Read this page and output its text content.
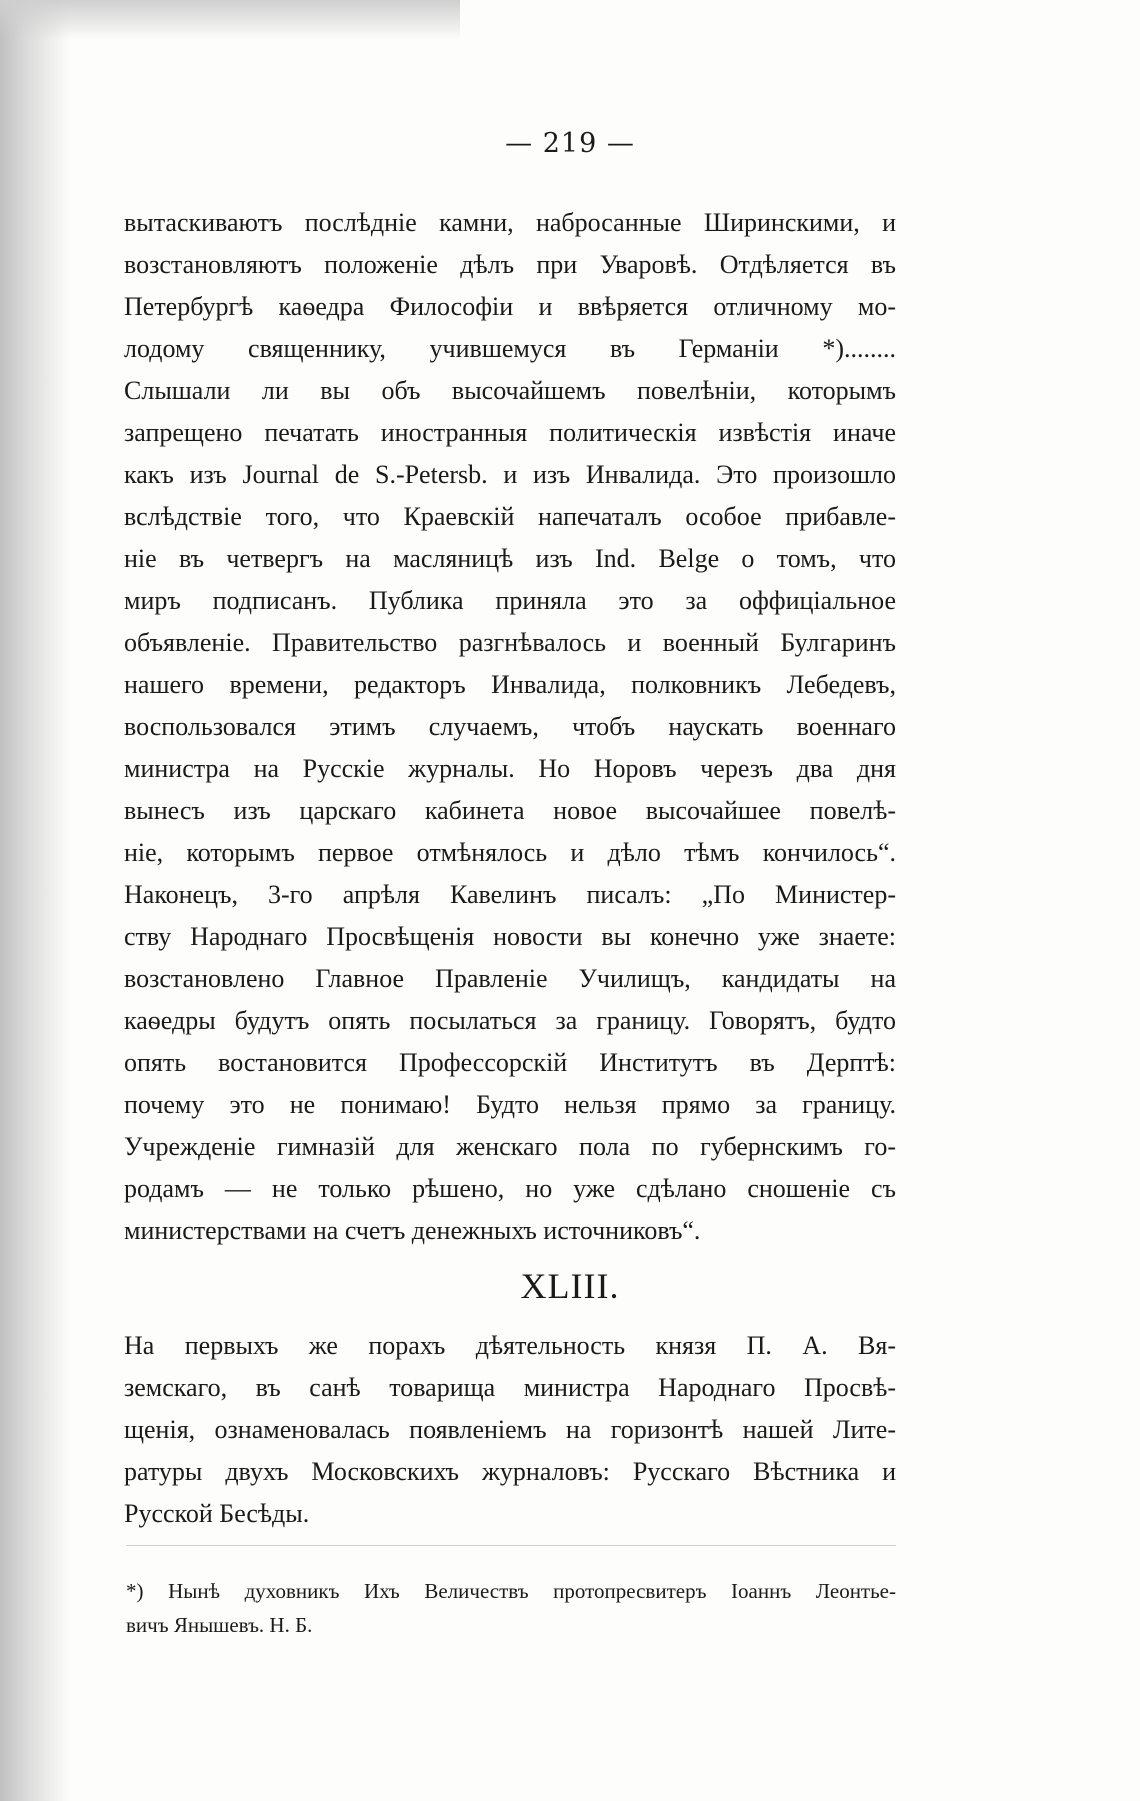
— 219 —
вытаскиваютъ послѣдніе камни, набросанные Ширинскими, и
возстановляютъ положеніе дѣлъ при Уваровѣ. Отдѣляется въ
Петербургѣ каѳедра Философіи и ввѣряется отличному мо-
лодому священнику, учившемуся въ Германіи *)........
Слышали ли вы объ высочайшемъ повелѣніи, которымъ
запрещено печатать иностранныя политическія извѣстія иначе
какъ изъ Journal de S.-Petersb. и изъ Инвалида. Это произошло
вслѣдствіе того, что Краевскій напечаталъ особое прибавле-
ніе въ четвергъ на масляницѣ изъ Ind. Belge о томъ, что
миръ подписанъ. Публика приняла это за оффиціальное
объявленіе. Правительство разгнѣвалось и военный Булгаринъ
нашего времени, редакторъ Инвалида, полковникъ Лебедевъ,
воспользовался этимъ случаемъ, чтобъ наускать военнаго
министра на Русскіе журналы. Но Норовъ черезъ два дня
вынесъ изъ царскаго кабинета новое высочайшее повелѣ-
ніе, которымъ первое отмѣнялось и дѣло тѣмъ кончилось“.
Наконецъ, 3-го апрѣля Кавелинъ писалъ: „По Министер-
ству Народнаго Просвѣщенія новости вы конечно уже знаете:
возстановлено Главное Правленіе Училищъ, кандидаты на
каѳедры будутъ опять посылаться за границу. Говорятъ, будто
опять востановится Профессорскій Институтъ въ Дерптѣ:
почему это не понимаю! Будто нельзя прямо за границу.
Учрежденіе гимназій для женскаго пола по губернскимъ го-
родамъ — не только рѣшено, но уже сдѣлано сношеніе съ
министерствами на счетъ денежныхъ источниковъ“.
XLIII.
На первыхъ же порахъ дѣятельность князя П. А. Вя-
земскаго, въ санѣ товарища министра Народнаго Просвѣ-
щенія, ознаменовалась появленіемъ на горизонтѣ нашей Лите-
ратуры двухъ Московскихъ журналовъ: Русскаго Вѣстника и
Русской Бесѣды.
*) Нынѣ духовникъ Ихъ Величествъ протопресвитеръ Іоаннъ Леонтье-
вичъ Янышевъ. Н. Б.
